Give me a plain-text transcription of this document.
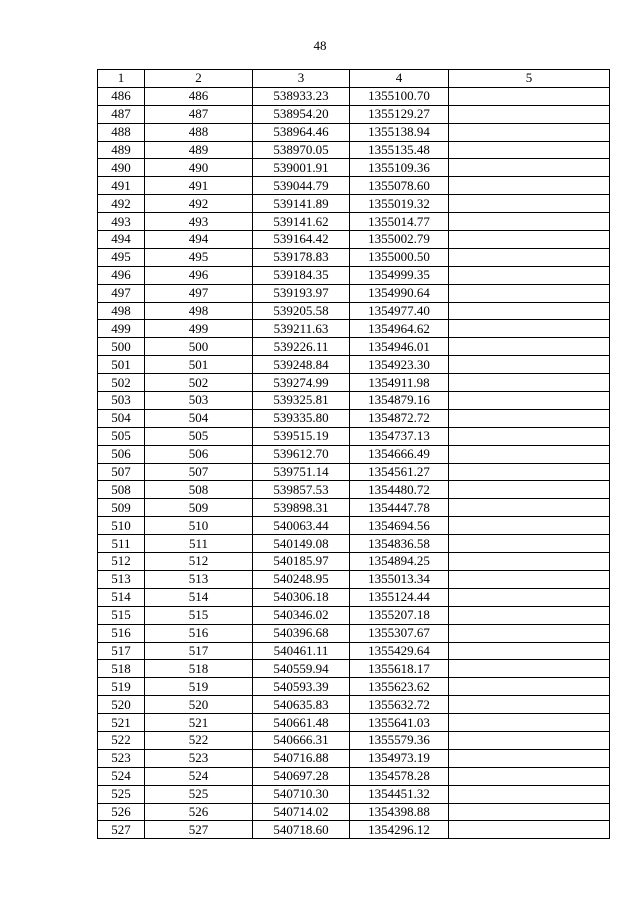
48
1	2	3	4	5
486	486	538933.23	1355100.70	
487	487	538954.20	1355129.27	
488	488	538964.46	1355138.94	
489	489	538970.05	1355135.48	
490	490	539001.91	1355109.36	
491	491	539044.79	1355078.60	
492	492	539141.89	1355019.32	
493	493	539141.62	1355014.77	
494	494	539164.42	1355002.79	
495	495	539178.83	1355000.50	
496	496	539184.35	1354999.35	
497	497	539193.97	1354990.64	
498	498	539205.58	1354977.40	
499	499	539211.63	1354964.62	
500	500	539226.11	1354946.01	
501	501	539248.84	1354923.30	
502	502	539274.99	1354911.98	
503	503	539325.81	1354879.16	
504	504	539335.80	1354872.72	
505	505	539515.19	1354737.13	
506	506	539612.70	1354666.49	
507	507	539751.14	1354561.27	
508	508	539857.53	1354480.72	
509	509	539898.31	1354447.78	
510	510	540063.44	1354694.56	
511	511	540149.08	1354836.58	
512	512	540185.97	1354894.25	
513	513	540248.95	1355013.34	
514	514	540306.18	1355124.44	
515	515	540346.02	1355207.18	
516	516	540396.68	1355307.67	
517	517	540461.11	1355429.64	
518	518	540559.94	1355618.17	
519	519	540593.39	1355623.62	
520	520	540635.83	1355632.72	
521	521	540661.48	1355641.03	
522	522	540666.31	1355579.36	
523	523	540716.88	1354973.19	
524	524	540697.28	1354578.28	
525	525	540710.30	1354451.32	
526	526	540714.02	1354398.88	
527	527	540718.60	1354296.12	
